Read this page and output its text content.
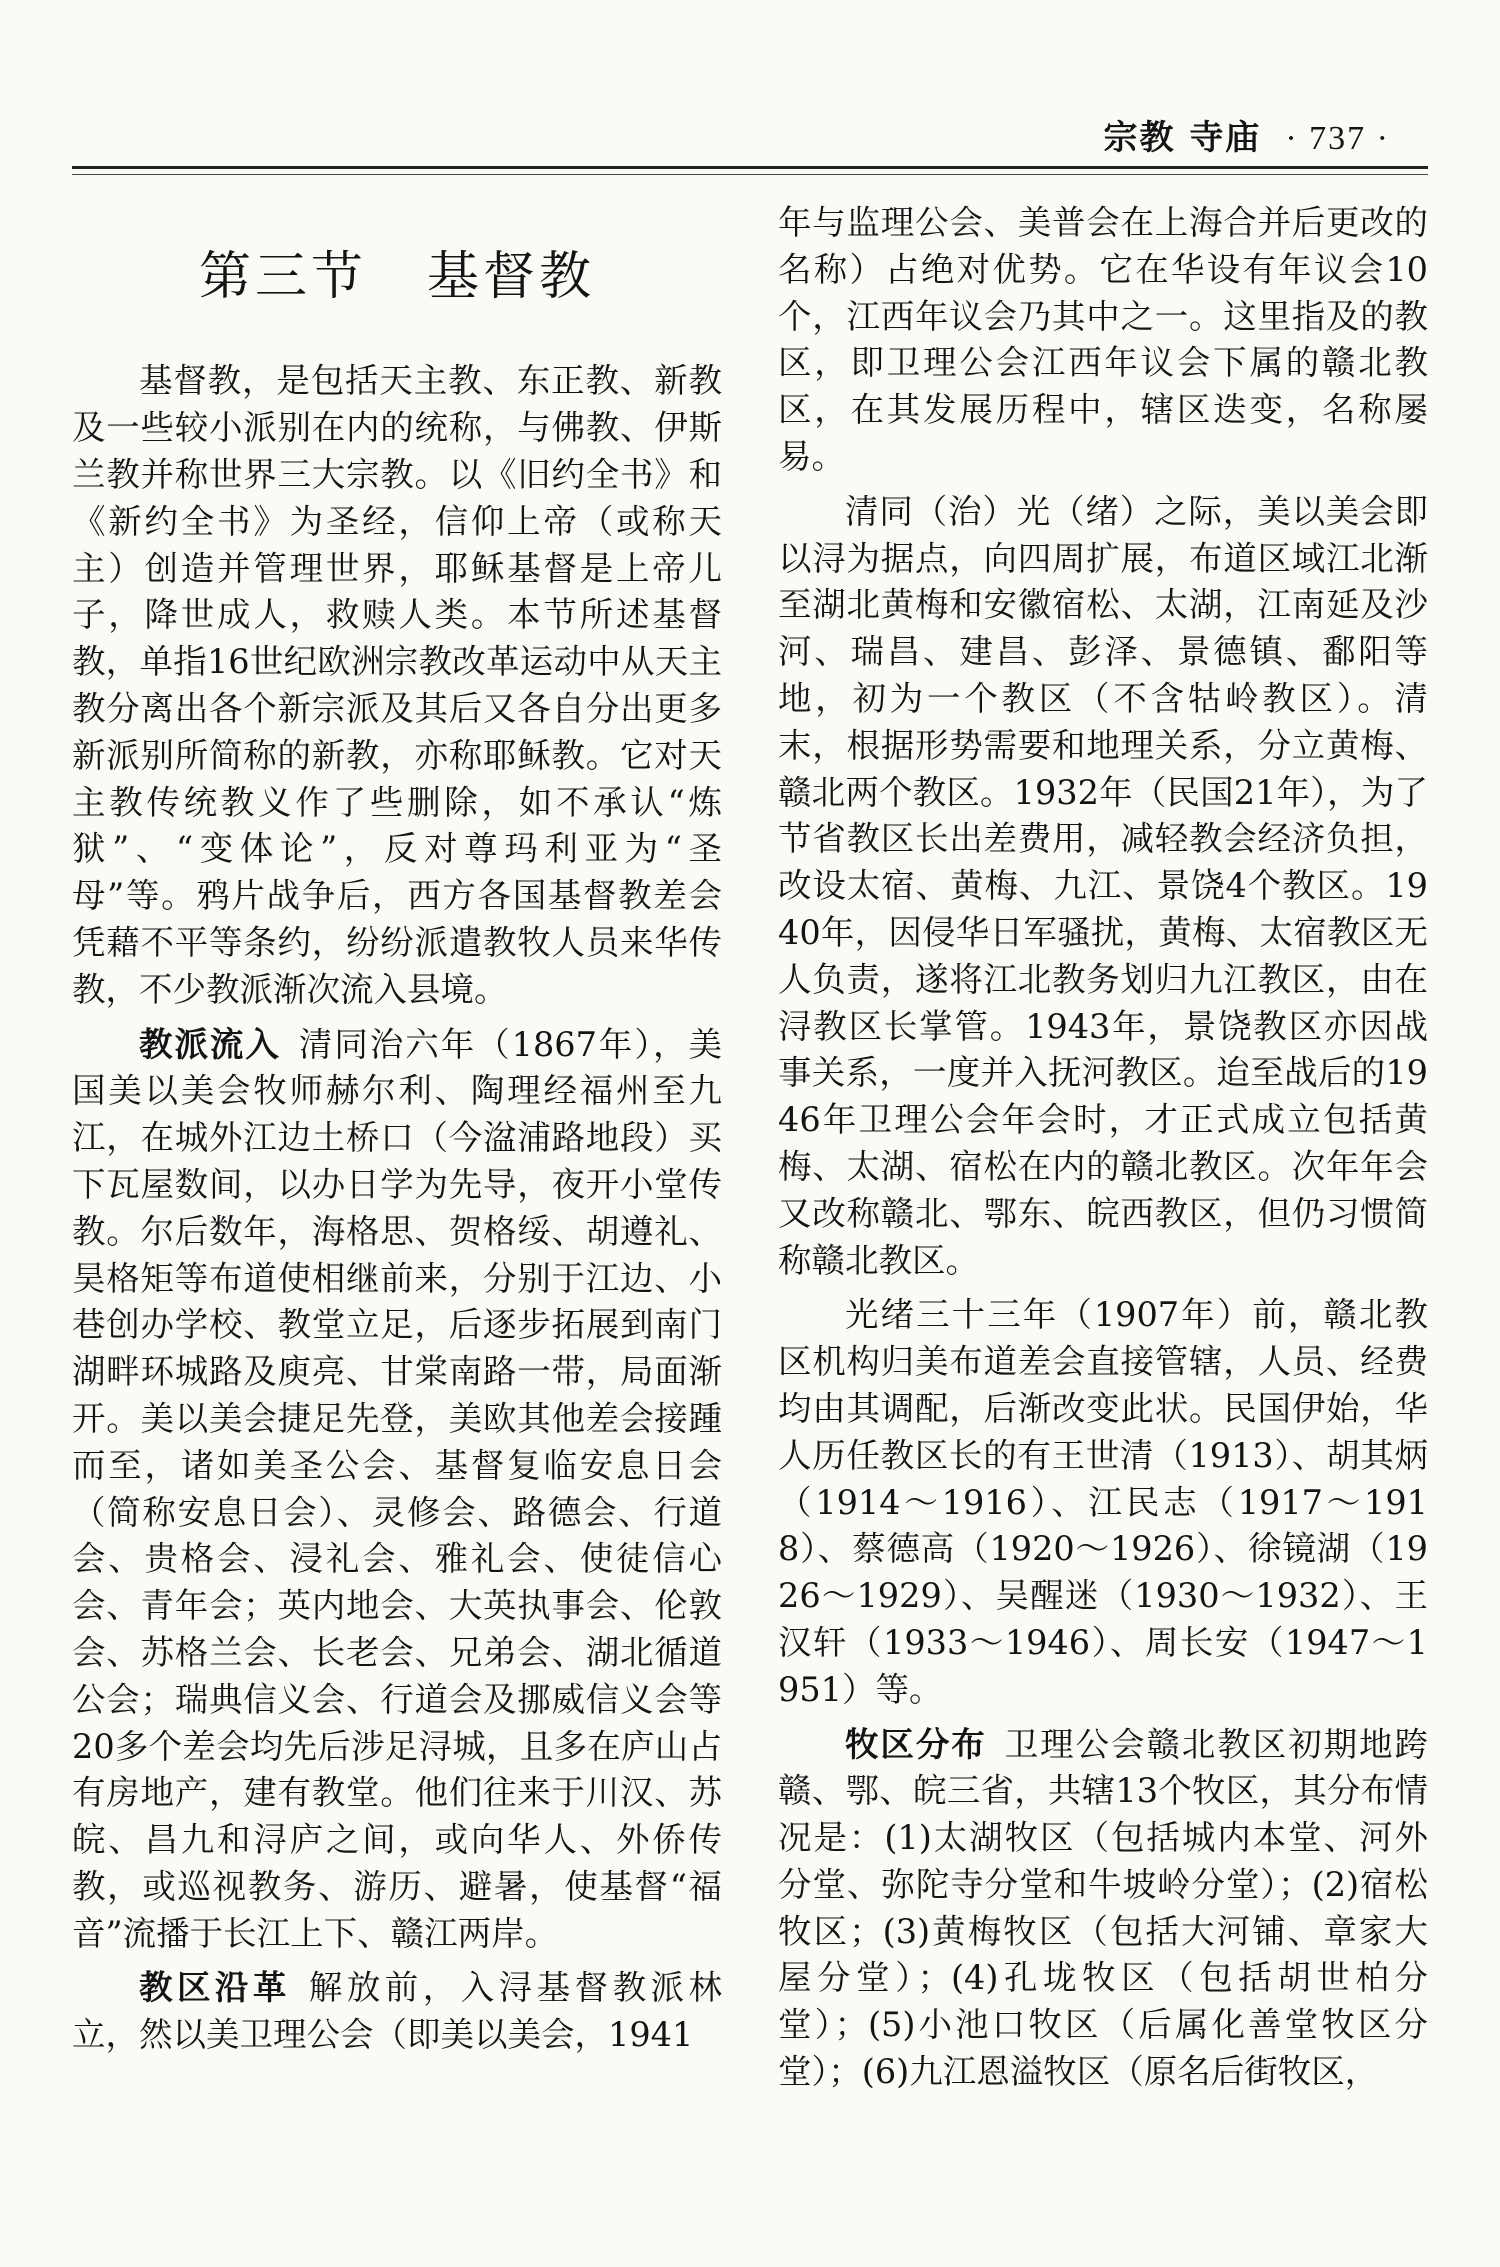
宗教 寺庙 · 737 ·
第三节 基督教

基督教，是包括天主教、东正教、新教及一些较小派别在内的统称，与佛教、伊斯兰教并称世界三大宗教。以《旧约全书》和《新约全书》为圣经，信仰上帝（或称天主）创造并管理世界，耶稣基督是上帝儿子，降世成人，救赎人类。本节所述基督教，单指16世纪欧洲宗教改革运动中从天主教分离出各个新宗派及其后又各自分出更多新派别所简称的新教，亦称耶稣教。它对天主教传统教义作了些删除，如不承认“炼狱”、“变体论”，反对尊玛利亚为“圣母”等。鸦片战争后，西方各国基督教差会凭藉不平等条约，纷纷派遣教牧人员来华传教，不少教派渐次流入县境。

教派流入 清同治六年（1867年），美国美以美会牧师赫尔利、陶理经福州至九江，在城外江边土桥口（今湓浦路地段）买下瓦屋数间，以办日学为先导，夜开小堂传教。尔后数年，海格思、贺格绥、胡遵礼、昊格矩等布道使相继前来，分别于江边、小巷创办学校、教堂立足，后逐步拓展到南门湖畔环城路及庾亮、甘棠南路一带，局面渐开。美以美会捷足先登，美欧其他差会接踵而至，诸如美圣公会、基督复临安息日会（简称安息日会）、灵修会、路德会、行道会、贵格会、浸礼会、雅礼会、使徒信心会、青年会；英内地会、大英执事会、伦敦会、苏格兰会、长老会、兄弟会、湖北循道公会；瑞典信义会、行道会及挪威信义会等20多个差会均先后涉足浔城，且多在庐山占有房地产，建有教堂。他们往来于川汉、苏皖、昌九和浔庐之间，或向华人、外侨传教，或巡视教务、游历、避暑，使基督“福音”流播于长江上下、赣江两岸。

教区沿革 解放前，入浔基督教派林立，然以美卫理公会（即美以美会，1941

年与监理公会、美普会在上海合并后更改的名称）占绝对优势。它在华设有年议会10个，江西年议会乃其中之一。这里指及的教区，即卫理公会江西年议会下属的赣北教区，在其发展历程中，辖区迭变，名称屡易。

清同（治）光（绪）之际，美以美会即以浔为据点，向四周扩展，布道区域江北渐至湖北黄梅和安徽宿松、太湖，江南延及沙河、瑞昌、建昌、彭泽、景德镇、鄱阳等地，初为一个教区（不含牯岭教区）。清末，根据形势需要和地理关系，分立黄梅、赣北两个教区。1932年（民国21年），为了节省教区长出差费用，减轻教会经济负担，改设太宿、黄梅、九江、景饶4个教区。1940年，因侵华日军骚扰，黄梅、太宿教区无人负责，遂将江北教务划归九江教区，由在浔教区长掌管。1943年，景饶教区亦因战事关系，一度并入抚河教区。迨至战后的1946年卫理公会年会时，才正式成立包括黄梅、太湖、宿松在内的赣北教区。次年年会又改称赣北、鄂东、皖西教区，但仍习惯简称赣北教区。

光绪三十三年（1907年）前，赣北教区机构归美布道差会直接管辖，人员、经费均由其调配，后渐改变此状。民国伊始，华人历任教区长的有王世清（1913）、胡其炳（1914～1916）、江民志（1917～1918）、蔡德高（1920～1926）、徐镜湖（1926～1929）、吴醒迷（1930～1932）、王汉轩（1933～1946）、周长安（1947～1951）等。

牧区分布 卫理公会赣北教区初期地跨赣、鄂、皖三省，共辖13个牧区，其分布情况是：(1)太湖牧区（包括城内本堂、河外分堂、弥陀寺分堂和牛坡岭分堂）；(2)宿松牧区；(3)黄梅牧区（包括大河铺、章家大屋分堂）；(4)孔垅牧区（包括胡世柏分堂）；(5)小池口牧区（后属化善堂牧区分堂）；(6)九江恩溢牧区（原名后街牧区，
